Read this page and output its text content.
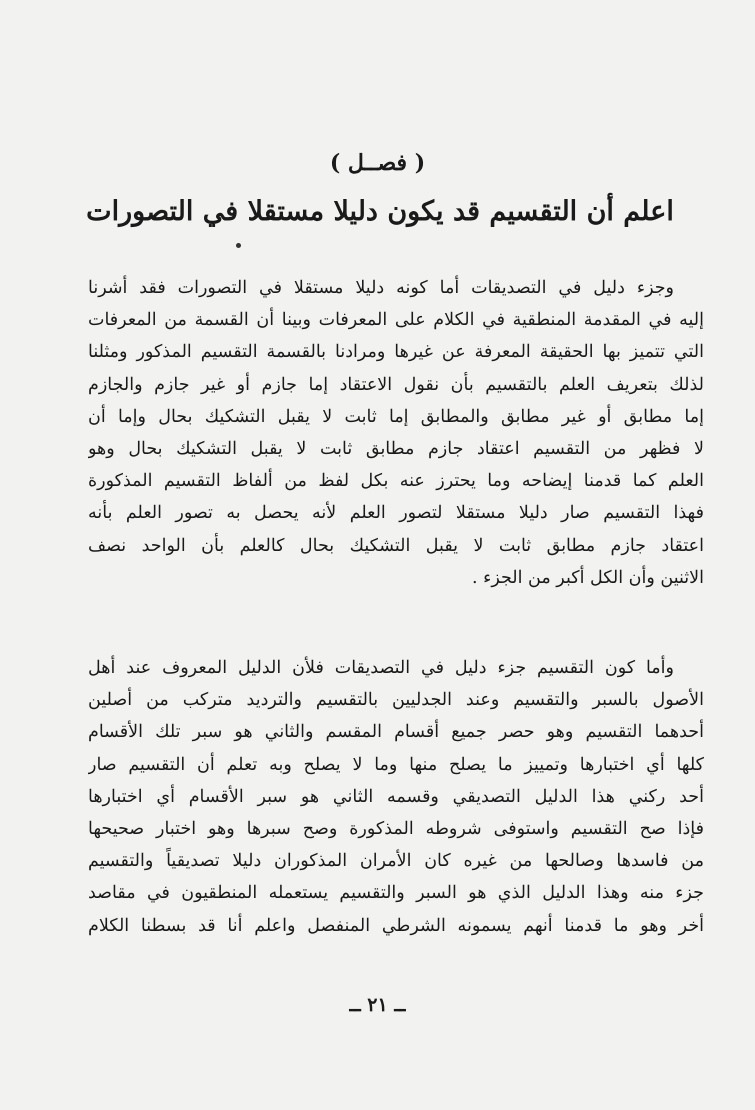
( فصــل )
اعلم أن التقسيم قد يكون دليلا مستقلا في التصورات
وجزء دليل في التصديقات أما كونه دليلا مستقلا في التصورات فقد أشرنا
إليه في المقدمة المنطقية في الكلام على المعرفات وبينا أن القسمة من المعرفات
التي تتميز بها الحقيقة المعرفة عن غيرها ومرادنا بالقسمة التقسيم المذكور ومثلنا
لذلك بتعريف العلم بالتقسيم بأن نقول الاعتقاد إما جازم أو غير جازم والجازم
إما مطابق أو غير مطابق والمطابق إما ثابت لا يقبل التشكيك بحال وإما أن
لا فظهر من التقسيم اعتقاد جازم مطابق ثابت لا يقبل التشكيك بحال وهو
العلم كما قدمنا إيضاحه وما يحترز عنه بكل لفظ من ألفاظ التقسيم المذكورة
فهذا التقسيم صار دليلا مستقلا لتصور العلم لأنه يحصل به تصور العلم بأنه
اعتقاد جازم مطابق ثابت لا يقبل التشكيك بحال كالعلم بأن الواحد نصف
الاثنين وأن الكل أكبر من الجزء .
وأما كون التقسيم جزء دليل في التصديقات فلأن الدليل المعروف عند أهل
الأصول بالسبر والتقسيم وعند الجدليين بالتقسيم والترديد متركب من أصلين
أحدهما التقسيم وهو حصر جميع أقسام المقسم والثاني هو سبر تلك الأقسام
كلها أي اختبارها وتمييز ما يصلح منها وما لا يصلح وبه تعلم أن التقسيم صار
أحد ركني هذا الدليل التصديقي وقسمه الثاني هو سبر الأقسام أي اختبارها
فإذا صح التقسيم واستوفى شروطه المذكورة وصح سبرها وهو اختبار صحيحها
من فاسدها وصالحها من غيره كان الأمران المذكوران دليلا تصديقياً والتقسيم
جزء منه وهذا الدليل الذي هو السبر والتقسيم يستعمله المنطقيون في مقاصد
أخر وهو ما قدمنا أنهم يسمونه الشرطي المنفصل واعلم أنا قد بسطنا الكلام
ــ ٢١ ــ
